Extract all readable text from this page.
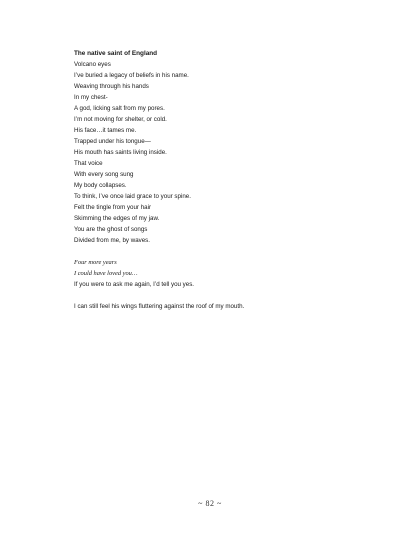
The native saint of England
Volcano eyes
I’ve buried a legacy of beliefs in his name.
Weaving through his hands
In my chest-
A god, licking salt from my pores.
I’m not moving for shelter, or cold.
His face…it tames me.
Trapped under his tongue—
His mouth has saints living inside.
That voice
With every song sung
My body collapses.
To think, I’ve once laid grace to your spine.
Felt the tingle from your hair
Skimming the edges of my jaw.
You are the ghost of songs
Divided from me, by waves.
Four more years
I could have loved you…
If you were to ask me again, I’d tell you yes.
I can still feel his wings fluttering against the roof of my mouth.
~ 82 ~
